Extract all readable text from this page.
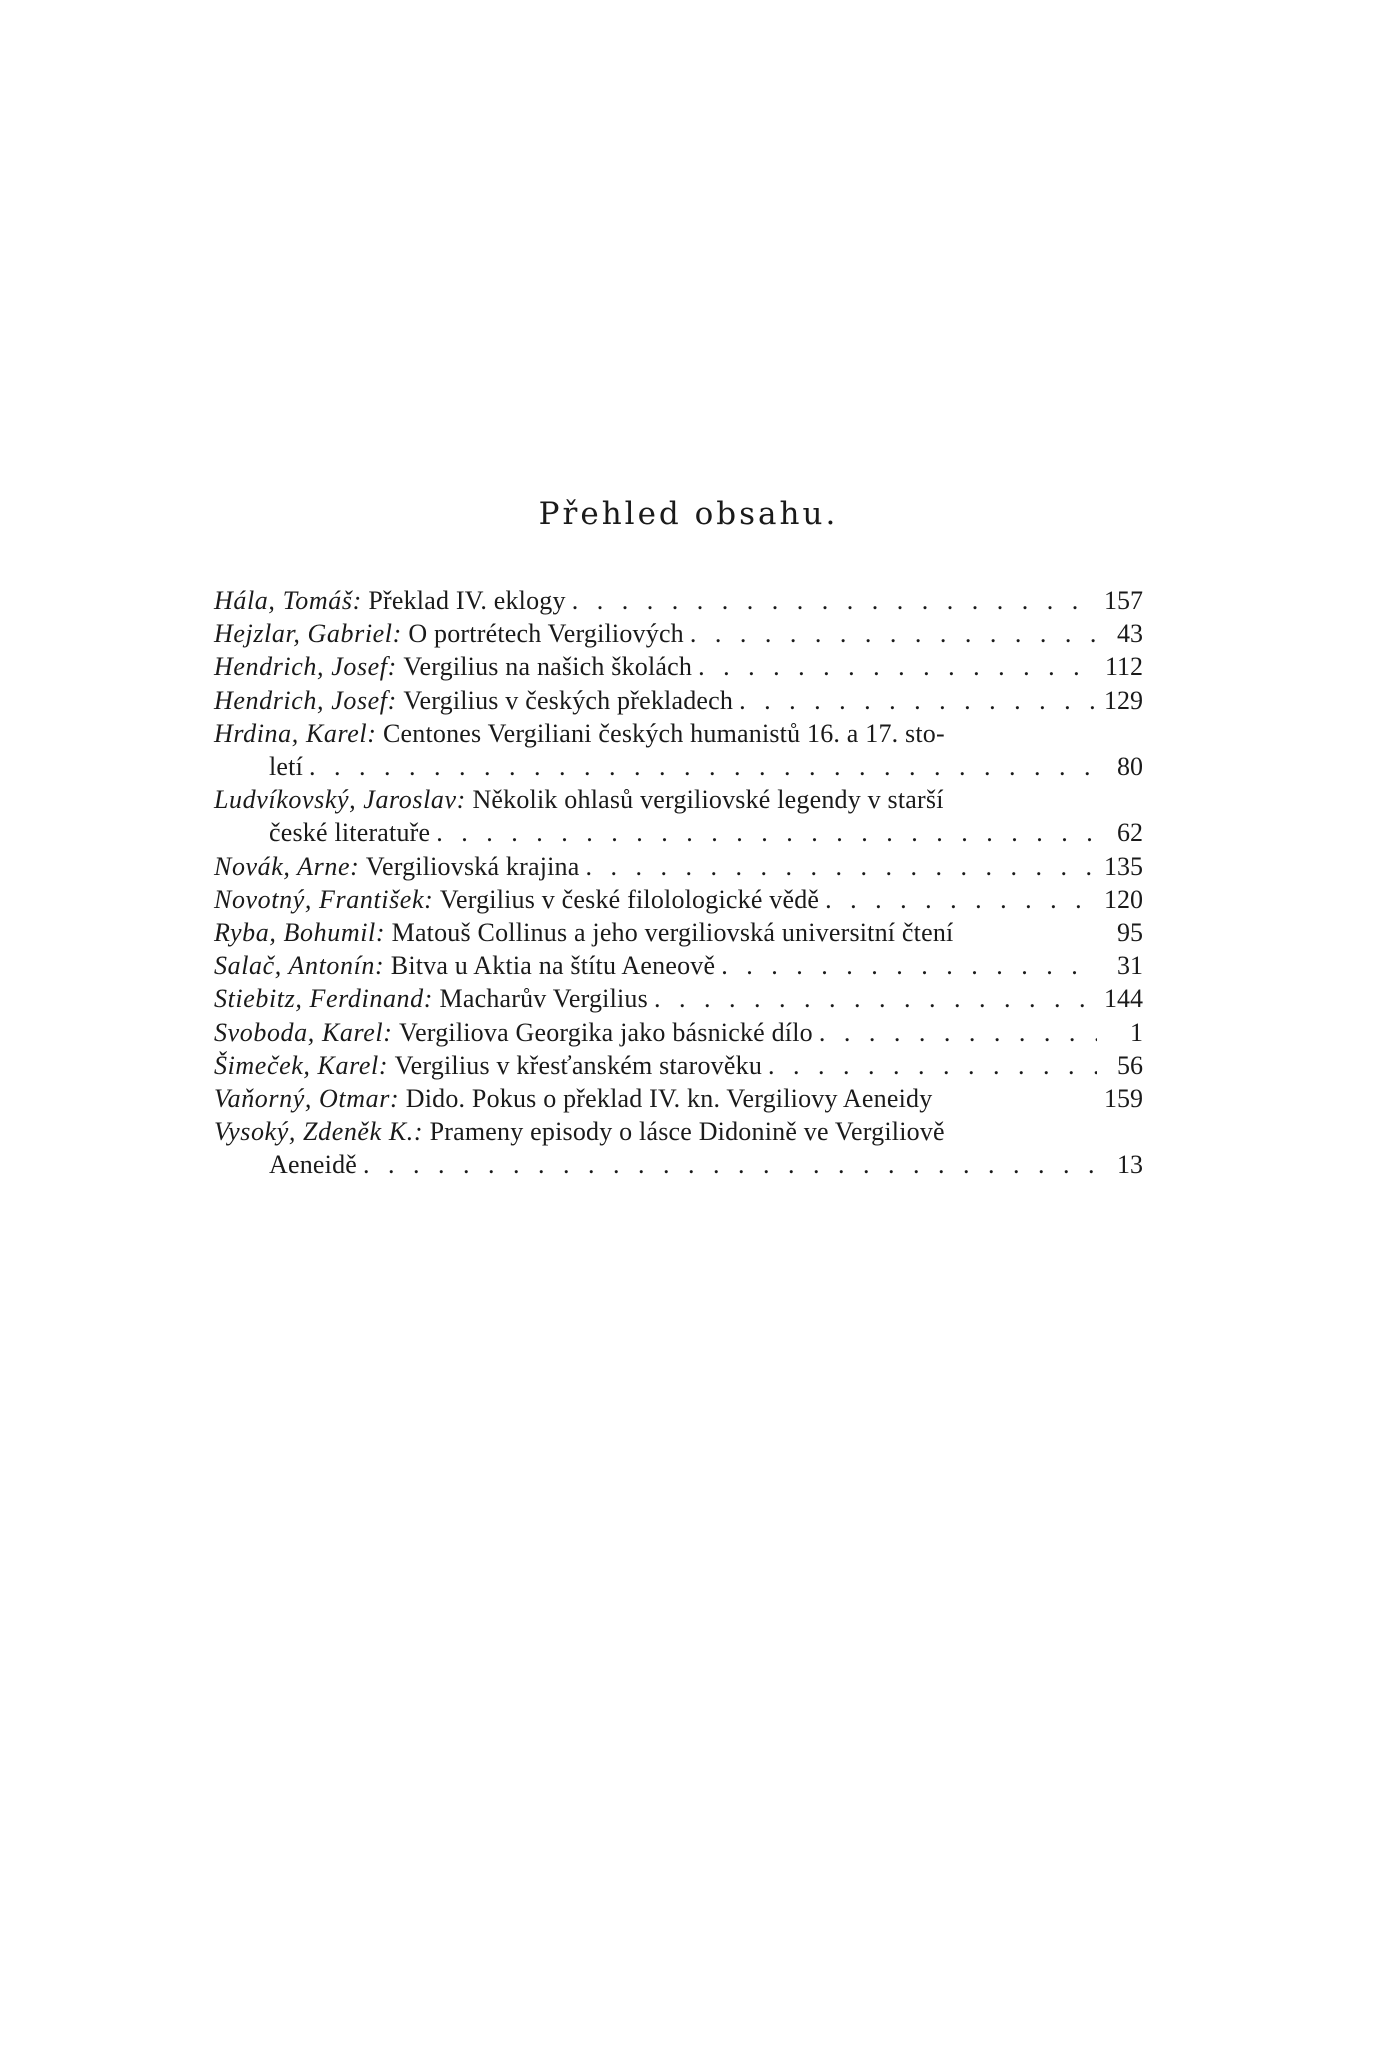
Přehled obsahu.
Hála, Tomáš:
Překlad IV. eklogy . . .	157
Hejzlar, Gabriel:
O portrétech Vergiliových . . .	43
Hendrich, Josef:
Vergilius na našich školách . . .	112
Hendrich, Josef:
Vergilius v českých překladech . . .	129
Hrdina, Karel: Centones Vergiliani českých humanistů 16. a 17. sto-
letí . . .	80
Ludvíkovský, Jaroslav: Několik ohlasů vergiliovské legendy v starší
české literatuře . . .	62
Novák, Arne:
Vergiliovská krajina . . .	135
Novotný, František:
Vergilius v české filolologické vědě . . .	120
Ryba, Bohumil: Matouš Collinus a jeho vergiliovská universitní čtení	95
Salač, Antonín:
Bitva u Aktia na štítu Aeneově . . .	31
Stiebitz, Ferdinand:
Macharův Vergilius . . .	144
Svoboda, Karel:
Vergiliova Georgika jako básnické dílo . . .	1
Šimeček, Karel:
Vergilius v křesťanském starověku . . .	56
Vaňorný, Otmar: Dido. Pokus o překlad IV. kn. Vergiliovy Aeneidy	159
Vysoký, Zdeněk K.: Prameny episody o lásce Didonině ve Vergiliově
Aeneidě . . .	13
